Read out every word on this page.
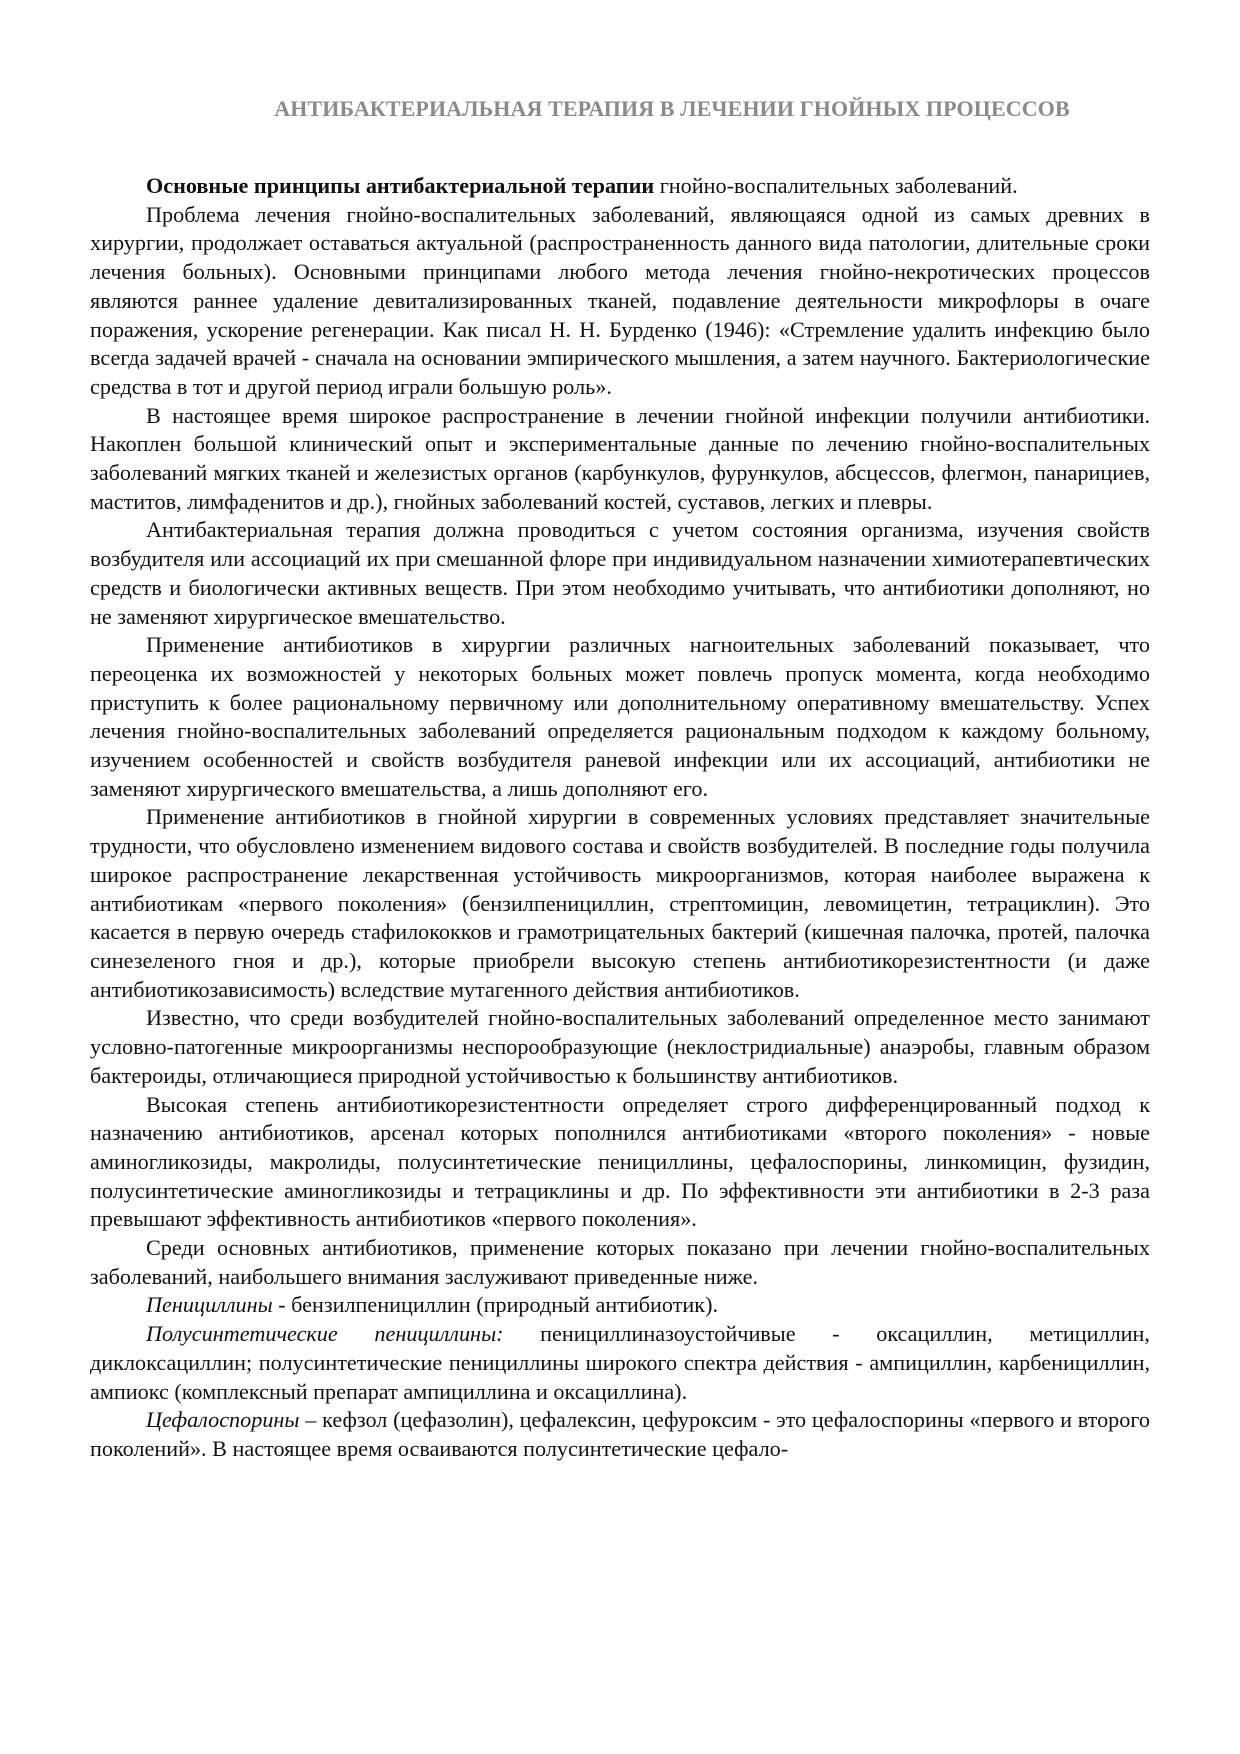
АНТИБАКТЕРИАЛЬНАЯ ТЕРАПИЯ В ЛЕЧЕНИИ ГНОЙНЫХ ПРОЦЕССОВ

Основные принципы антибактериальной терапии гнойно-воспалительных заболеваний.

Проблема лечения гнойно-воспалительных заболеваний, являющаяся одной из самых древних в хирургии, продолжает оставаться актуальной (распространенность данного вида патологии, длительные сроки лечения больных). Основными принципами любого метода лечения гнойно-некротических процессов являются раннее удаление девитализированных тканей, подавление деятельности микрофлоры в очаге поражения, ускорение регенерации. Как писал Н. Н. Бурденко (1946): «Стремление удалить инфекцию было всегда задачей врачей - сначала на основании эмпирического мышления, а затем научного. Бактериологические средства в тот и другой период играли большую роль».

В настоящее время широкое распространение в лечении гнойной инфекции получили антибиотики. Накоплен большой клинический опыт и экспериментальные данные по лечению гнойно-воспалительных заболеваний мягких тканей и железистых органов (карбункулов, фурункулов, абсцессов, флегмон, панарициев, маститов, лимфаденитов и др.), гнойных заболеваний костей, суставов, легких и плевры.

Антибактериальная терапия должна проводиться с учетом состояния организма, изучения свойств возбудителя или ассоциаций их при смешанной флоре при индивидуальном назначении химиотерапевтических средств и биологически активных веществ. При этом необходимо учитывать, что антибиотики дополняют, но не заменяют хирургическое вмешательство.

Применение антибиотиков в хирургии различных нагноительных заболеваний показывает, что переоценка их возможностей у некоторых больных может повлечь пропуск момента, когда необходимо приступить к более рациональному первичному или дополнительному оперативному вмешательству. Успех лечения гнойно-воспалительных заболеваний определяется рациональным подходом к каждому больному, изучением особенностей и свойств возбудителя раневой инфекции или их ассоциаций, антибиотики не заменяют хирургического вмешательства, а лишь дополняют его.

Применение антибиотиков в гнойной хирургии в современных условиях представляет значительные трудности, что обусловлено изменением видового состава и свойств возбудителей. В последние годы получила широкое распространение лекарственная устойчивость микроорганизмов, которая наиболее выражена к антибиотикам «первого поколения» (бензилпенициллин, стрептомицин, левомицетин, тетрациклин). Это касается в первую очередь стафилококков и грамотрицательных бактерий (кишечная палочка, протей, палочка синезеленого гноя и др.), которые приобрели высокую степень антибиотикорезистентности (и даже антибиотикозависимость) вследствие мутагенного действия антибиотиков.

Известно, что среди возбудителей гнойно-воспалительных заболеваний определенное место занимают условно-патогенные микроорганизмы неспорообразующие (неклостридиальные) анаэробы, главным образом бактероиды, отличающиеся природной устойчивостью к большинству антибиотиков.

Высокая степень антибиотикорезистентности определяет строго дифференцированный подход к назначению антибиотиков, арсенал которых пополнился антибиотиками «второго поколения» - новые аминогликозиды, макролиды, полусинтетические пенициллины, цефалоспорины, линкомицин, фузидин, полусинтетические аминогликозиды и тетрациклины и др. По эффективности эти антибиотики в 2-3 раза превышают эффективность антибиотиков «первого поколения».

Среди основных антибиотиков, применение которых показано при лечении гнойно-воспалительных заболеваний, наибольшего внимания заслуживают приведенные ниже.

Пенициллины - бензилпенициллин (природный антибиотик).

Полусинтетические пенициллины: пенициллиназоустойчивые - оксациллин, метициллин, диклоксациллин; полусинтетические пенициллины широкого спектра действия - ампициллин, карбенициллин, ампиокс (комплексный препарат ампициллина и оксациллина).

Цефалоспорины – кефзол (цефазолин), цефалексин, цефуроксим - это цефалоспорины «первого и второго поколений». В настоящее время осваиваются полусинтетические цефало-
